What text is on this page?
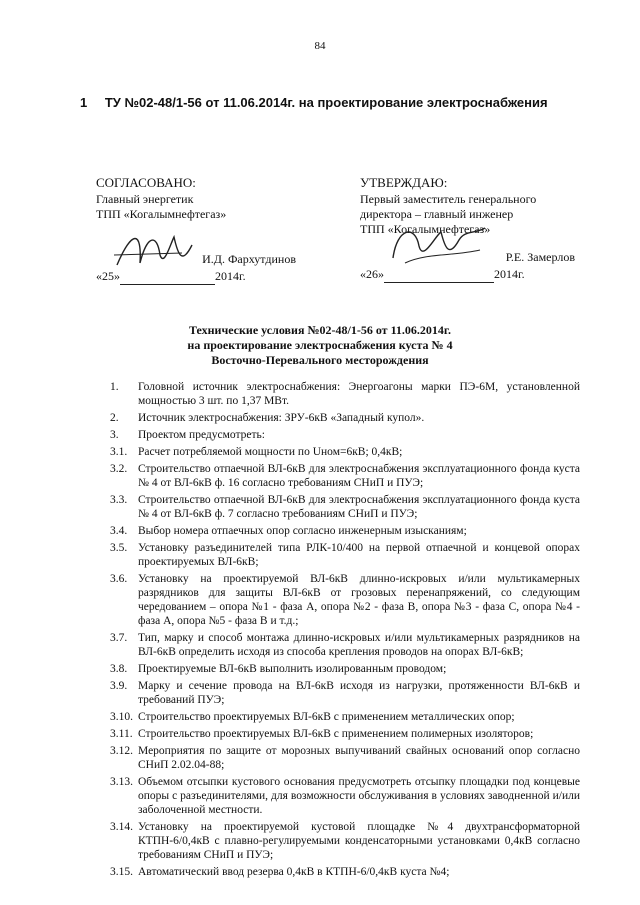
84
1 ТУ №02-48/1-56 от 11.06.2014г. на проектирование электроснабжения
СОГЛАСОВАНО:
Главный энергетик
ТПП «Когалымнефтегаз»
И.Д. Фархутдинов
«25»	2014г.
УТВЕРЖДАЮ:
Первый заместитель генерального
директора – главный инженер
ТПП «Когалымнефтегаз»
Р.Е. Замерлов
«26»	2014г.
Технические условия №02-48/1-56 от 11.06.2014г.
на проектирование электроснабжения куста № 4
Восточно-Перевального месторождения
1.	Головной источник электроснабжения: Энергоагоны марки ПЭ-6М, установленной мощностью 3 шт. по 1,37 МВт.
2.	Источник электроснабжения: ЗРУ-6кВ «Западный купол».
3.	Проектом предусмотреть:
3.1. Расчет потребляемой мощности по Uном=6кВ; 0,4кВ;
3.2. Строительство отпаечной ВЛ-6кВ для электроснабжения эксплуатационного фонда куста № 4 от ВЛ-6кВ ф. 16 согласно требованиям СНиП и ПУЭ;
3.3. Строительство отпаечной ВЛ-6кВ для электроснабжения эксплуатационного фонда куста № 4 от ВЛ-6кВ ф. 7 согласно требованиям СНиП и ПУЭ;
3.4. Выбор номера отпаечных опор согласно инженерным изысканиям;
3.5. Установку разъединителей типа РЛК-10/400 на первой отпаечной и концевой опорах проектируемых ВЛ-6кВ;
3.6. Установку на проектируемой ВЛ-6кВ длинно-искровых и/или мультикамерных разрядников для защиты ВЛ-6кВ от грозовых перенапряжений, со следующим чередованием – опора №1 - фаза А, опора №2 - фаза В, опора №3 - фаза С, опора №4 - фаза А, опора №5 - фаза В и т.д.;
3.7. Тип, марку и способ монтажа длинно-искровых и/или мультикамерных разрядников на ВЛ-6кВ определить исходя из способа крепления проводов на опорах ВЛ-6кВ;
3.8. Проектируемые ВЛ-6кВ выполнить изолированным проводом;
3.9. Марку и сечение провода на ВЛ-6кВ исходя из нагрузки, протяженности ВЛ-6кВ и требований ПУЭ;
3.10. Строительство проектируемых ВЛ-6кВ с применением металлических опор;
3.11. Строительство проектируемых ВЛ-6кВ с применением полимерных изоляторов;
3.12. Мероприятия по защите от морозных выпучиваний свайных оснований опор согласно СНиП 2.02.04-88;
3.13. Объемом отсыпки кустового основания предусмотреть отсыпку площадки под концевые опоры с разъединителями, для возможности обслуживания в условиях заводненной и/или заболоченной местности.
3.14. Установку на проектируемой кустовой площадке №4 двухтрансформаторной КТПН-6/0,4кВ с плавно-регулируемыми конденсаторными установками 0,4кВ согласно требованиям СНиП и ПУЭ;
3.15. Автоматический ввод резерва 0,4кВ в КТПН-6/0,4кВ куста №4;
